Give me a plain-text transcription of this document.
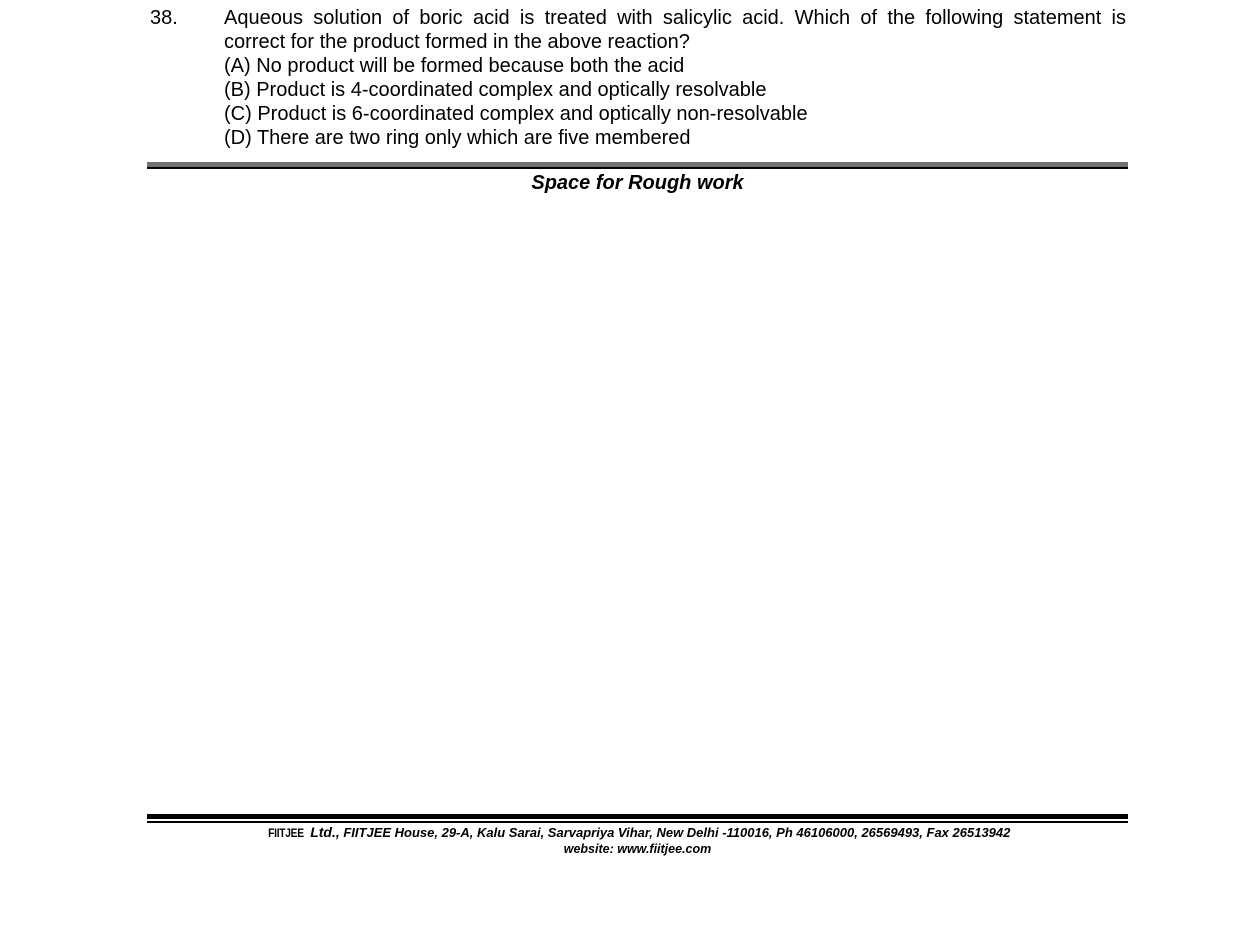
38. Aqueous solution of boric acid is treated with salicylic acid. Which of the following statement is
correct for the product formed in the above reaction?

(A) No product will be formed because both the acid
(B) Product is 4-coordinated complex and optically resolvable
(C) Product is 6-coordinated complex and optically non-resolvable
(D) There are two ring only which are five membered
Space for Rough work
FIITJEE Ltd., FIITJEE House, 29-A, Kalu Sarai, Sarvapriya Vihar, New Delhi -110016, Ph 46106000, 26569493, Fax 26513942
website: www.fiitjee.com
